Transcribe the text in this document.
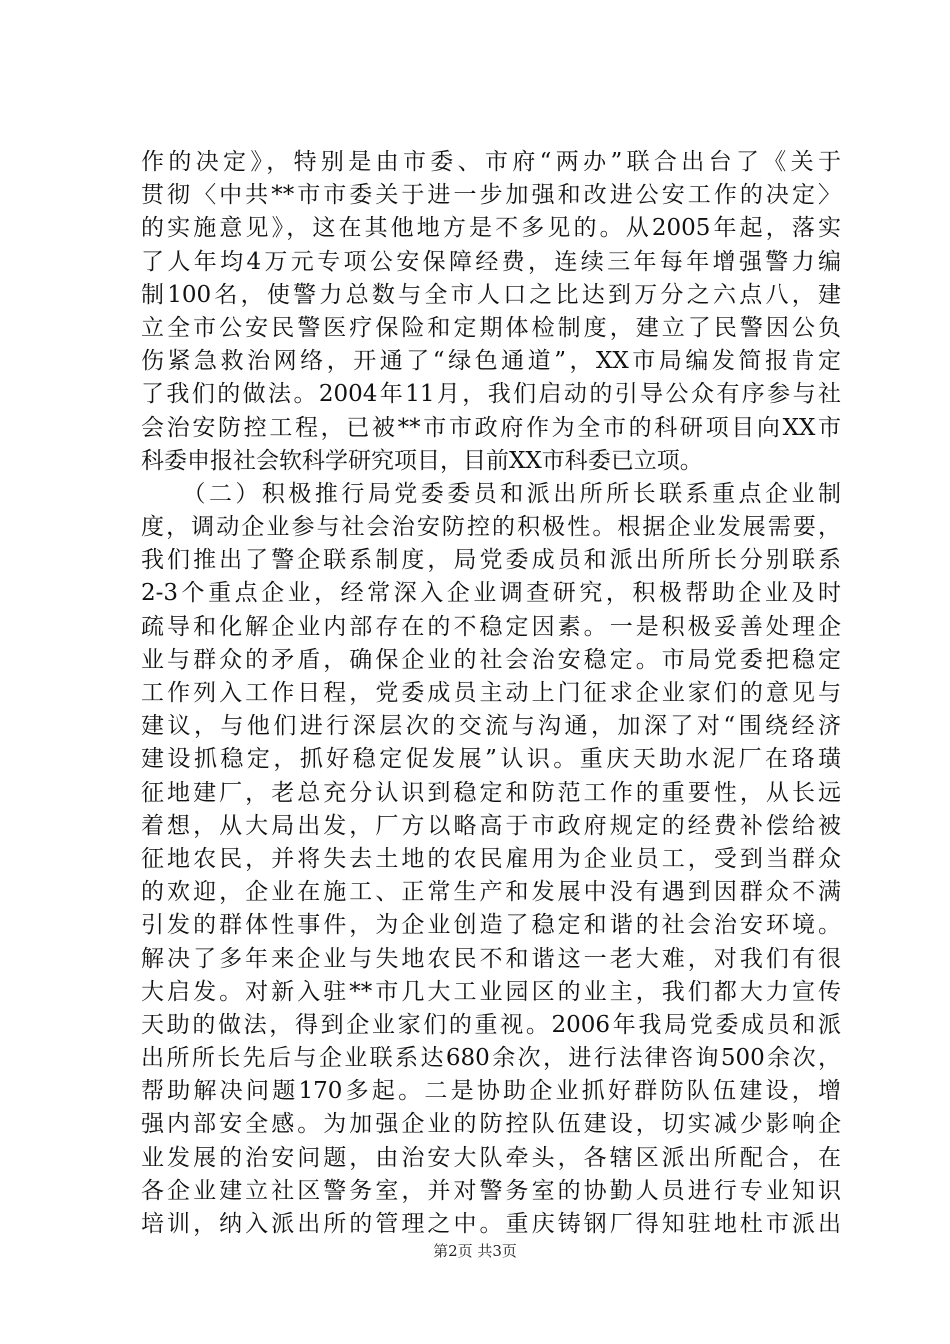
作的决定》，特别是由市委、市府“两办”联合出台了《关于
贯彻〈中共**市市委关于进一步加强和改进公安工作的决定〉
的实施意见》，这在其他地方是不多见的。从2005年起，落实
了人年均4万元专项公安保障经费，连续三年每年增强警力编
制100名，使警力总数与全市人口之比达到万分之六点八，建
立全市公安民警医疗保险和定期体检制度，建立了民警因公负
伤紧急救治网络，开通了“绿色通道”，XX市局编发简报肯定
了我们的做法。2004年11月，我们启动的引导公众有序参与社
会治安防控工程，已被**市市政府作为全市的科研项目向XX市
科委申报社会软科学研究项目，目前XX市科委已立项。
　　（二）积极推行局党委委员和派出所所长联系重点企业制
度，调动企业参与社会治安防控的积极性。根据企业发展需要，
我们推出了警企联系制度，局党委成员和派出所所长分别联系
2-3个重点企业，经常深入企业调查研究，积极帮助企业及时
疏导和化解企业内部存在的不稳定因素。一是积极妥善处理企
业与群众的矛盾，确保企业的社会治安稳定。市局党委把稳定
工作列入工作日程，党委成员主动上门征求企业家们的意见与
建议，与他们进行深层次的交流与沟通，加深了对“围绕经济
建设抓稳定，抓好稳定促发展”认识。重庆天助水泥厂在珞璜
征地建厂，老总充分认识到稳定和防范工作的重要性，从长远
着想，从大局出发，厂方以略高于市政府规定的经费补偿给被
征地农民，并将失去土地的农民雇用为企业员工，受到当群众
的欢迎，企业在施工、正常生产和发展中没有遇到因群众不满
引发的群体性事件，为企业创造了稳定和谐的社会治安环境。
解决了多年来企业与失地农民不和谐这一老大难，对我们有很
大启发。对新入驻**市几大工业园区的业主，我们都大力宣传
天助的做法，得到企业家们的重视。2006年我局党委成员和派
出所所长先后与企业联系达680余次，进行法律咨询500余次，
帮助解决问题170多起。二是协助企业抓好群防队伍建设，增
强内部安全感。为加强企业的防控队伍建设，切实减少影响企
业发展的治安问题，由治安大队牵头，各辖区派出所配合，在
各企业建立社区警务室，并对警务室的协勤人员进行专业知识
培训，纳入派出所的管理之中。重庆铸钢厂得知驻地杜市派出
第2页 共3页
